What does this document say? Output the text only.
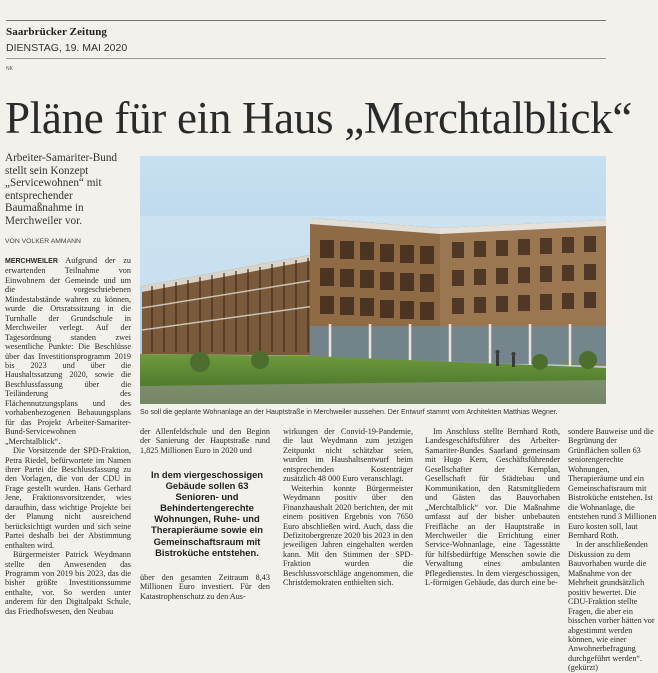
Saarbrücker Zeitung
DIENSTAG, 19. MAI 2020
NK
Pläne für ein Haus „Merchtalblick“

Arbeiter-Samariter-Bund stellt sein Konzept „Servicewohnen“ mit entsprechender Baumaßnahme in Merchweiler vor.

VON VOLKER AMMANN
So soll die geplante Wohnanlage an der Hauptstraße in Merchweiler aussehen. Der Entwurf stammt vom Architekten Matthias Wegner.

MERCHWEILER Aufgrund der zu erwartenden Teilnahme von Einwohnern der Gemeinde und um die vorgeschriebenen Mindestabstände wahren zu können, wurde die Ortsratssitzung in die Turnhalle der Grundschule in Merchweiler verlegt. Auf der Tagesordnung standen zwei wesentliche Punkte: Die Beschlüsse über das Investitionsprogramm 2019 bis 2023 und über die Haushaltssatzung 2020, sowie die Beschlussfassung über die Teiländerung des Flächennutzungsplans und des vorhabenbezogenen Bebauungsplans für das Projekt Arbeiter-Samariter-Bund-Servicewohnen „Merchtalblick“.

Die Vorsitzende der SPD-Fraktion, Petra Riedel, befürwortete im Namen ihrer Partei die Beschlussfassung zu den Vorlagen, die von der CDU in Frage gestellt wurden. Hans Gerhard Jene, Fraktionsvorsitzender, wies daraufhin, dass wichtige Projekte bei der Planung nicht ausreichend berücksichtigt wurden und sich seine Partei deshalb bei der Abstimmung enthalten wird.

Bürgermeister Patrick Weydmann stellte den Anwesenden das Programm von 2019 bis 2023, das die bisher größte Investitionssumme enthalte, vor. So werden unter anderem für den Digitalpakt Schule, das Friedhofswesen, den Neubau

der Allenfeldschule und den Beginn der Sanierung der Hauptstraße rund 1,825 Millionen Euro in 2020 und

In dem viergeschossigen Gebäude sollen 63 Senioren- und Behindertengerechte Wohnungen, Ruhe- und Therapieräume sowie ein Gemeinschaftsraum mit Bistroküche entstehen.

über den gesamten Zeitraum 8,43 Millionen Euro investiert. Für den Katastrophenschutz zu den Aus-

wirkungen der Convid-19-Pandemie, die laut Weydmann zum jetzigen Zeitpunkt nicht schätzbar seien, wurden im Haushaltsentwurf beim entsprechenden Kostenträger zusätzlich 48 000 Euro veranschlagt.

Weiterhin konnte Bürgermeister Weydmann positiv über den Finanzhaushalt 2020 berichten, der mit einem positiven Ergebnis von 7650 Euro abschließen wird. Auch, dass die Defizitobergrenze 2020 bis 2023 in den jeweiligen Jahren eingehalten werden kann. Mit den Stimmen der SPD-Fraktion wurden die Beschlussvorschläge angenommen, die Christdemokraten enthielten sich.

Im Anschluss stellte Bernhard Roth, Landesgeschäftsführer des Arbeiter-Samariter-Bundes Saarland gemeinsam mit Hugo Kern, Geschäftsführender Gesellschafter der Kernplan, Gesellschaft für Städtebau und Kommunikation, den Ratsmitgliedern und Gästen das Bauvorhaben „Merchtalblick“ vor. Die Maßnahme umfasst auf der bisher unbebauten Freifläche an der Hauptstraße in Merchweiler die Errichtung einer Service-Wohnanlage, eine Tagesstätte für hilfsbedürftige Menschen sowie die Verwaltung eines ambulanten Pflegedienstes. In dem viergeschossigen, L-förmigen Gebäude, das durch eine be-

sondere Bauweise und die Begrünung der Grünflächen sollen 63 seniorengerechte Wohnungen, Therapieräume und ein Gemeinschaftsraum mit Bistroküche entstehen. Ist die Wohnanlage, die entstehen rund 3 Millionen Euro kosten soll, laut Bernhard Roth.

In der anschließenden Diskussion zu dem Bauvorhaben wurde die Maßnahme von der Mehrheit grundsätzlich positiv bewertet. Die CDU-Fraktion stellte Fragen, die aber ein bisschen vorher hätten vor abgestimmt werden können, wie einer Anwohnerbefragung durchgeführt werden“. (gekürzt)
